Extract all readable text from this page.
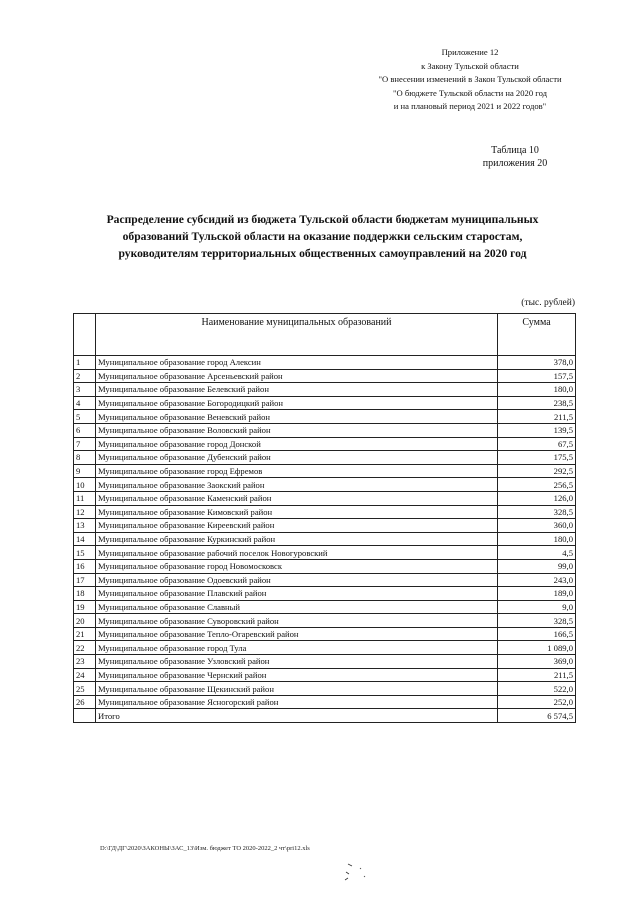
Приложение 12
к Закону Тульской области
"О внесении изменений в Закон Тульской области
"О бюджете Тульской области на 2020 год
и на плановый период 2021 и 2022 годов"
Таблица 10
приложения 20
Распределение субсидий из бюджета Тульской области бюджетам муниципальных
образований Тульской области на оказание поддержки сельским старостам,
руководителям территориальных общественных самоуправлений на 2020 год
(тыс. рублей)
	Наименование муниципальных образований	Сумма
1	Муниципальное образование город Алексин	378,0
2	Муниципальное образование Арсеньевский район	157,5
3	Муниципальное образование Белевский район	180,0
4	Муниципальное образование Богородицкий район	238,5
5	Муниципальное образование Веневский район	211,5
6	Муниципальное образование Воловский район	139,5
7	Муниципальное образование город Донской	67,5
8	Муниципальное образование Дубенский район	175,5
9	Муниципальное образование город Ефремов	292,5
10	Муниципальное образование Заокский район	256,5
11	Муниципальное образование Каменский район	126,0
12	Муниципальное образование Кимовский район	328,5
13	Муниципальное образование Киреевский район	360,0
14	Муниципальное образование Куркинский район	180,0
15	Муниципальное образование рабочий поселок Новогуровский	4,5
16	Муниципальное образование город Новомосковск	99,0
17	Муниципальное образование Одоевский район	243,0
18	Муниципальное образование Плавский район	189,0
19	Муниципальное образование Славный	9,0
20	Муниципальное образование Суворовский район	328,5
21	Муниципальное образование Тепло-Огаревский район	166,5
22	Муниципальное образование город Тула	1 089,0
23	Муниципальное образование Узловский район	369,0
24	Муниципальное образование Чернский район	211,5
25	Муниципальное образование Щекинский район	522,0
26	Муниципальное образование Ясногорский район	252,0
	Итого	6 574,5
D:\ГД\ДГ\2020\ЗАКОНЫ\ЗАС_13\Изм. бюджет ТО 2020-2022_2 чт\pri12.xls
